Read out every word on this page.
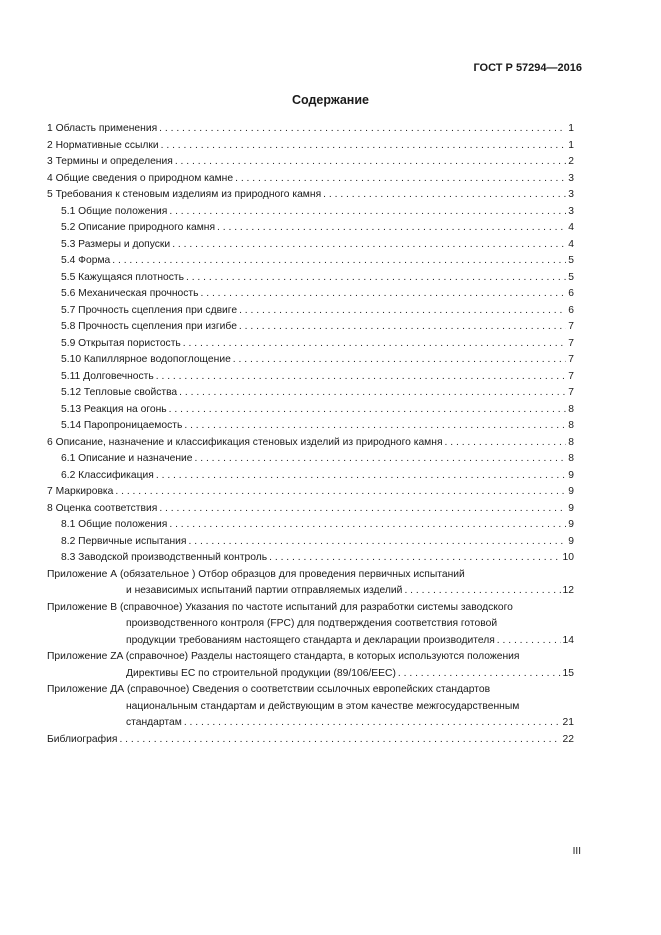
ГОСТ Р 57294—2016
Содержание
1 Область применения . . .	1
2 Нормативные ссылки . . .	1
3 Термины и определения . . .	2
4 Общие сведения о природном камне . . .	3
5 Требования к стеновым изделиям из природного камня . . .	3
5.1 Общие положения . . .	3
5.2 Описание природного камня . . .	4
5.3 Размеры и допуски . . .	4
5.4 Форма . . .	5
5.5 Кажущаяся плотность . . .	5
5.6 Механическая прочность . . .	6
5.7 Прочность сцепления при сдвиге . . .	6
5.8 Прочность сцепления при изгибе . . .	7
5.9 Открытая пористость . . .	7
5.10 Капиллярное водопоглощение . . .	7
5.11 Долговечность . . .	7
5.12 Тепловые свойства . . .	7
5.13 Реакция на огонь . . .	8
5.14 Паропроницаемость . . .	8
6 Описание, назначение и классификация стеновых изделий из природного камня . . .	8
6.1 Описание и назначение . . .	8
6.2 Классификация . . .	9
7 Маркировка . . .	9
8 Оценка соответствия . . .	9
8.1 Общие положения . . .	9
8.2 Первичные испытания . . .	9
8.3 Заводской производственный контроль . . .	10
Приложение А (обязательное ) Отбор образцов для проведения первичных испытаний
и независимых испытаний партии отправляемых изделий . . .	12
Приложение В (справочное) Указания по частоте испытаний для разработки системы заводского
производственного контроля (FPC) для подтверждения соответствия готовой
продукции требованиям настоящего стандарта и декларации производителя . . .	14
Приложение ZA (справочное) Разделы настоящего стандарта, в которых используются положения
Директивы ЕС по строительной продукции (89/106/ЕЕС) . . .	15
Приложение ДА (справочное) Сведения о соответствии ссылочных европейских стандартов
национальным стандартам и действующим в этом качестве межгосударственным
стандартам . . .	21
Библиография . . .	22
III
